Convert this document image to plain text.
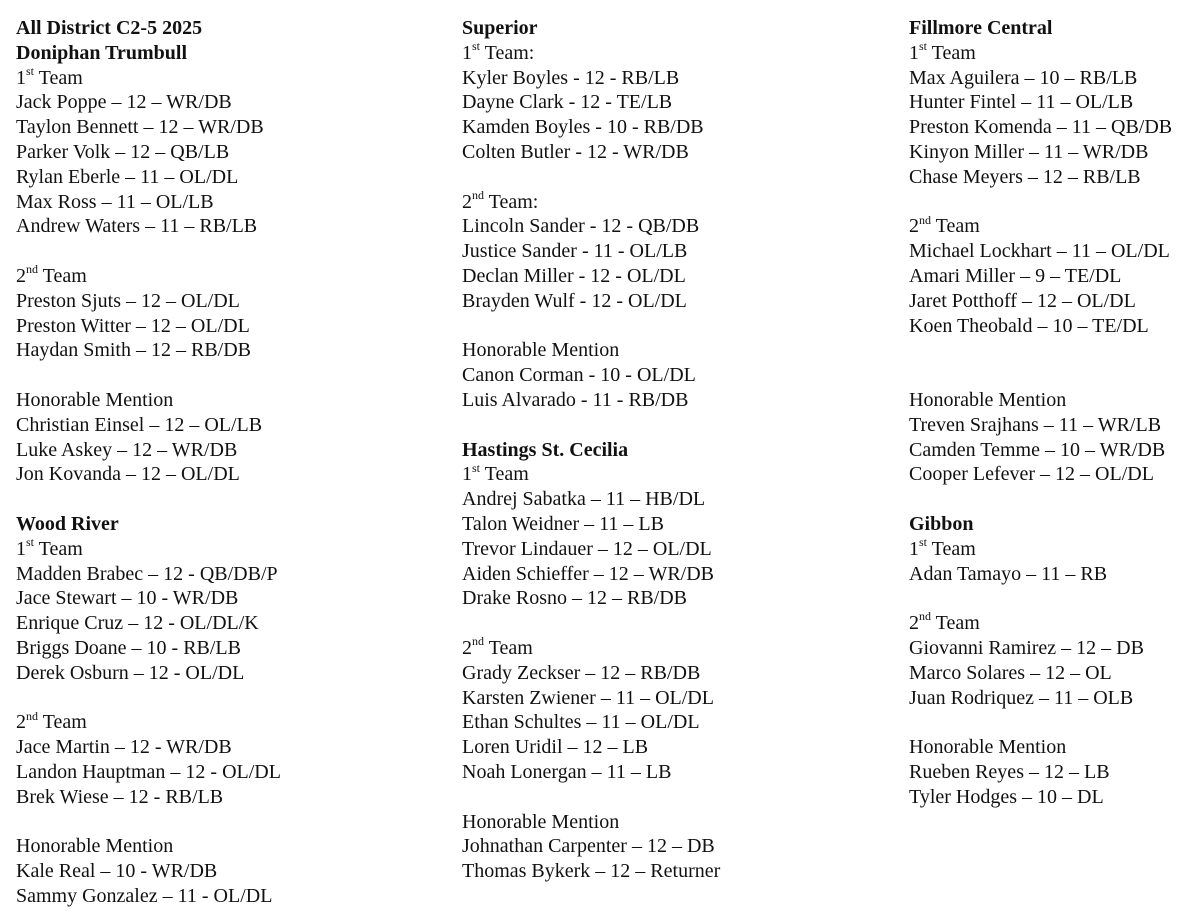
All District C2-5 2025
Doniphan Trumbull
1st Team
Jack Poppe – 12 – WR/DB
Taylon Bennett – 12 – WR/DB
Parker Volk – 12 – QB/LB
Rylan Eberle – 11 – OL/DL
Max Ross – 11 – OL/LB
Andrew Waters – 11 – RB/LB
2nd Team
Preston Sjuts – 12 – OL/DL
Preston Witter – 12 – OL/DL
Haydan Smith – 12 – RB/DB
Honorable Mention
Christian Einsel – 12 – OL/LB
Luke Askey – 12 – WR/DB
Jon Kovanda – 12 – OL/DL
Wood River
1st Team
Madden Brabec – 12 - QB/DB/P
Jace Stewart – 10 - WR/DB
Enrique Cruz – 12 - OL/DL/K
Briggs Doane – 10 - RB/LB
Derek Osburn – 12 - OL/DL
2nd Team
Jace Martin – 12 - WR/DB
Landon Hauptman – 12 - OL/DL
Brek Wiese – 12 - RB/LB
Honorable Mention
Kale Real – 10 - WR/DB
Sammy Gonzalez – 11 - OL/DL
Superior
1st Team:
Kyler Boyles - 12 - RB/LB
Dayne Clark - 12 - TE/LB
Kamden Boyles - 10 - RB/DB
Colten Butler - 12 - WR/DB
2nd Team:
Lincoln Sander - 12 - QB/DB
Justice Sander - 11 - OL/LB
Declan Miller - 12 - OL/DL
Brayden Wulf - 12 - OL/DL
Honorable Mention
Canon Corman - 10 - OL/DL
Luis Alvarado - 11 - RB/DB
Hastings St. Cecilia
1st Team
Andrej Sabatka – 11 – HB/DL
Talon Weidner – 11 – LB
Trevor Lindauer – 12 – OL/DL
Aiden Schieffer – 12 – WR/DB
Drake Rosno – 12 – RB/DB
2nd Team
Grady Zeckser – 12 – RB/DB
Karsten Zwiener – 11 – OL/DL
Ethan Schultes – 11 – OL/DL
Loren Uridil – 12 – LB
Noah Lonergan – 11 – LB
Honorable Mention
Johnathan Carpenter – 12 – DB
Thomas Bykerk – 12 – Returner
Fillmore Central
1st Team
Max Aguilera – 10 – RB/LB
Hunter Fintel – 11 – OL/LB
Preston Komenda – 11 – QB/DB
Kinyon Miller – 11 – WR/DB
Chase Meyers – 12 – RB/LB
2nd Team
Michael Lockhart – 11 – OL/DL
Amari Miller – 9 – TE/DL
Jaret Potthoff – 12 – OL/DL
Koen Theobald – 10 – TE/DL
Honorable Mention
Treven Srajhans – 11 – WR/LB
Camden Temme – 10 – WR/DB
Cooper Lefever – 12 – OL/DL
Gibbon
1st Team
Adan Tamayo – 11 – RB
2nd Team
Giovanni Ramirez – 12 – DB
Marco Solares – 12 – OL
Juan Rodriquez – 11 – OLB
Honorable Mention
Rueben Reyes – 12 – LB
Tyler Hodges – 10 – DL
